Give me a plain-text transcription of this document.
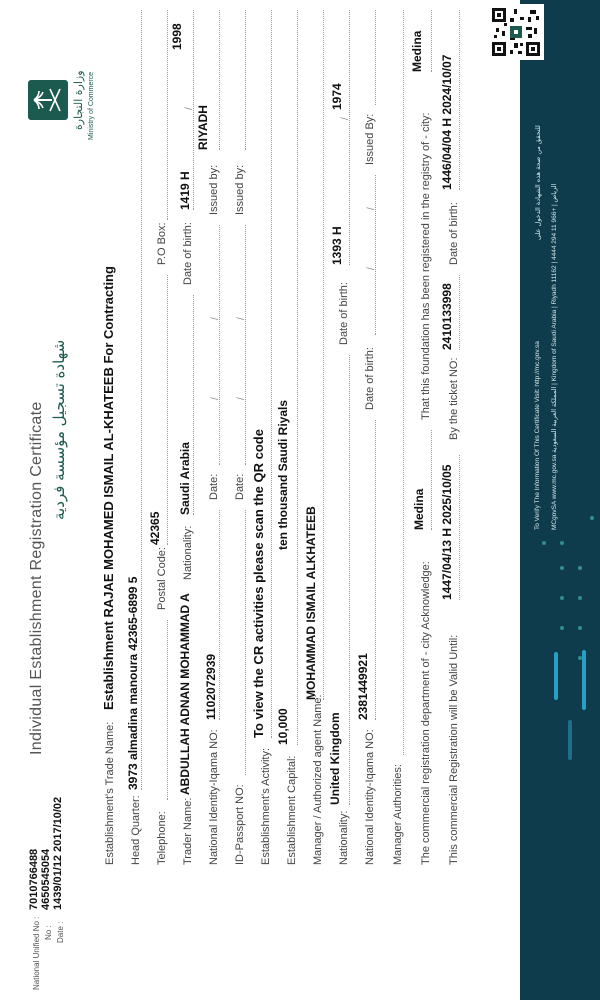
To Verify The Information Of This Certificate Visit: http://mc.gov.sa
للتحقق من صحة هذه الشهادة الدخول على
MCgovSA www.mc.gov.sa المملكة العربية السعودية | Kingdom of Saudi Arabia | Riyadh 11162 | الرياض | +966 11 294 4444
وزارة التجارة Ministry of Commerce
Individual Establishment Registration Certificate شهادة تسجيل مؤسسة فردية
National Unified No :
7010766488
No :
4650545054
Date :
1439/01/12 2017/10/02	Establishment's Trade Name:
Establishment RAJAE MOHAMED ISMAIL AL-KHATEEB For Contracting
Head Quarter:
3973 almadina manoura 42365-6899 5
Telephone:
Postal Code:
42365
P.O Box:
Trader Name:
ABDULLAH ADNAN MOHAMMAD A
Nationality:
Saudi Arabia
Date of birth:
1419 H
/
1998
National Identity-Iqama NO:
1102072939
Date:
/
/
Issued by:
RIYADH
ID-Passport NO:
Date:
/
/
Issued by:
Establishment's Activity:
To view the CR activities please scan the QR code
Establishment Capital:
10,000
ten thousand Saudi Riyals
Manager / Authorized agent Name:
MOHAMMAD ISMAIL ALKHATEEB
Nationality:
United Kingdom
Date of birth:
1393 H
/
1974
National Identity-Iqama NO:
2381449921
Date of birth:
/
/
Issued By:
Manager Authorities: The commercial registration department of - city Acknowledge:
Medina
That this foundation has been registered in the registry of - city:
Medina
This commercial Registration will be Valid Until:
1447/04/13 H 2025/10/05
By the ticket NO:
2410133998
Date of birth:
1446/04/04 H 2024/10/07
